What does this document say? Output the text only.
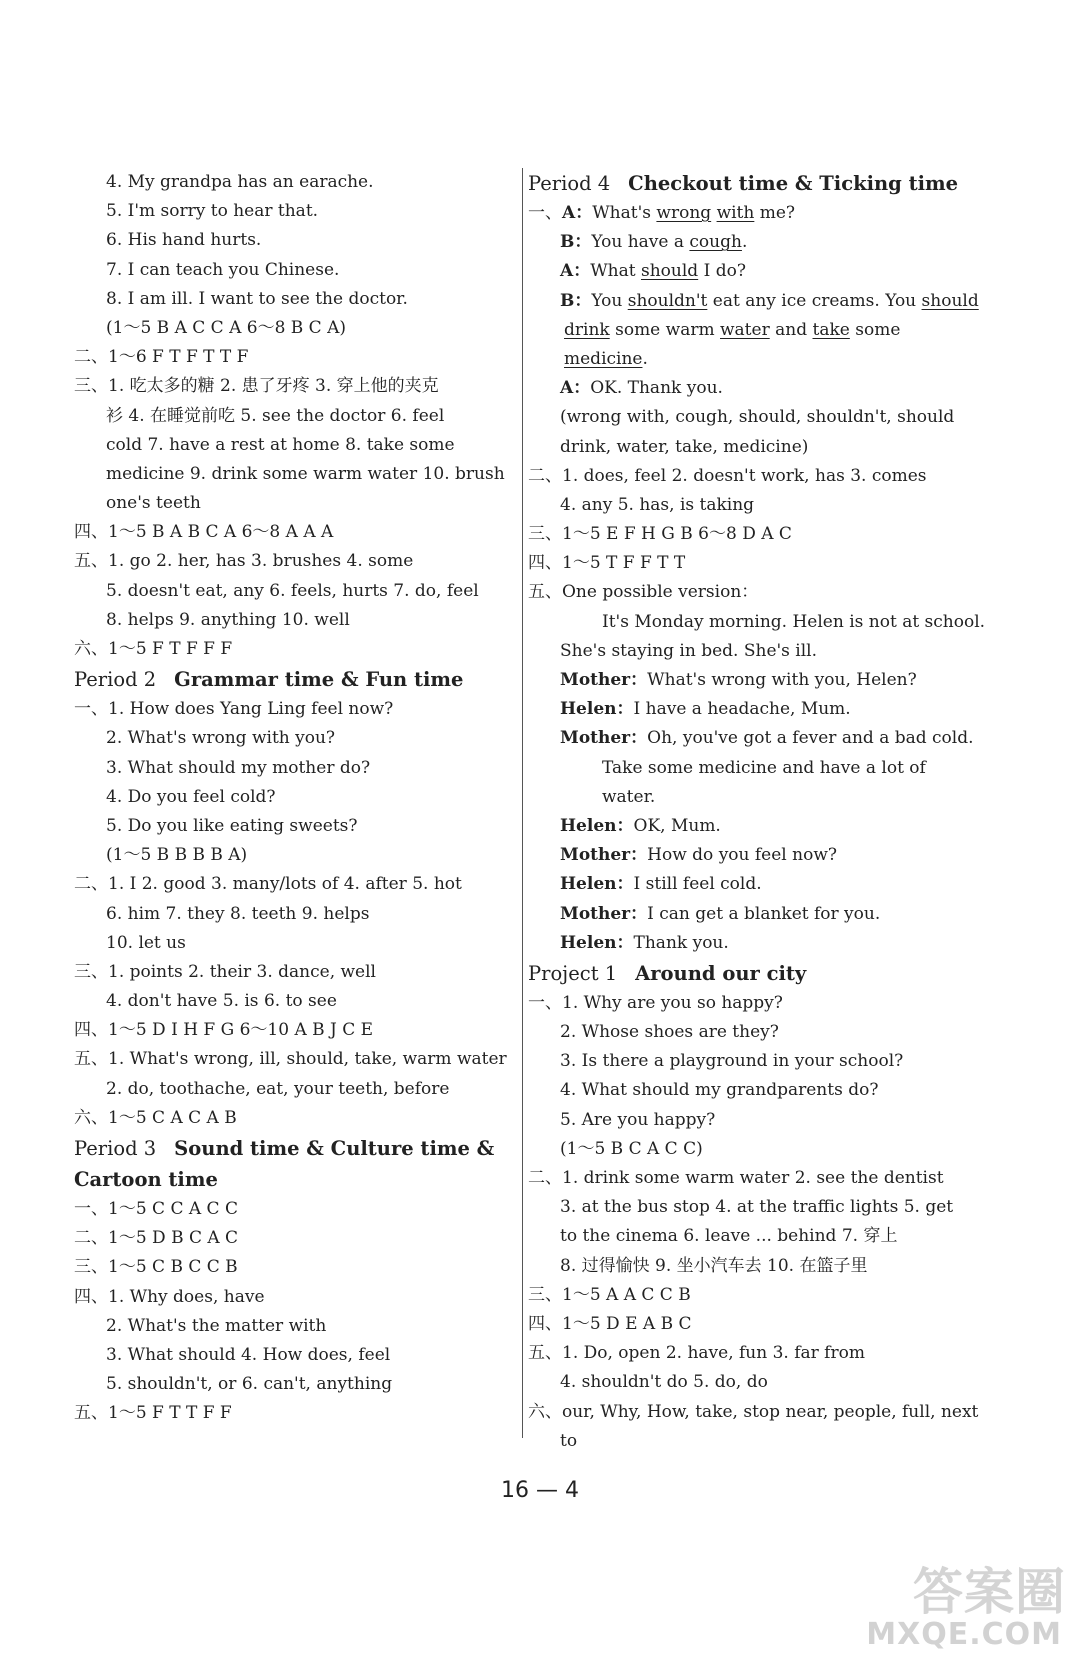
4. My grandpa has an earache.
5. I'm sorry to hear that.
6. His hand hurts.
7. I can teach you Chinese.
8. I am ill. I want to see the doctor.
(1～5 B A C C A 6～8 B C A)
二、1～6 F T F T T F
三、1. 吃太多的糖 2. 患了牙疼 3. 穿上他的夹克
衫 4. 在睡觉前吃 5. see the doctor 6. feel
cold 7. have a rest at home 8. take some
medicine 9. drink some warm water 10. brush
one's teeth
四、1～5 B A B C A 6～8 A A A
五、1. go 2. her, has 3. brushes 4. some
5. doesn't eat, any 6. feels, hurts 7. do, feel
8. helps 9. anything 10. well
六、1～5 F T F F F
Period 2 Grammar time & Fun time
一、1. How does Yang Ling feel now?
2. What's wrong with you?
3. What should my mother do?
4. Do you feel cold?
5. Do you like eating sweets?
(1～5 B B B B A)
二、1. I 2. good 3. many/lots of 4. after 5. hot
6. him 7. they 8. teeth 9. helps
10. let us
三、1. points 2. their 3. dance, well
4. don't have 5. is 6. to see
四、1～5 D I H F G 6～10 A B J C E
五、1. What's wrong, ill, should, take, warm water
2. do, toothache, eat, your teeth, before
六、1～5 C A C A B
Period 3 Sound time & Culture time &
Cartoon time
一、1～5 C C A C C
二、1～5 D B C A C
三、1～5 C B C C B
四、1. Why does, have
2. What's the matter with
3. What should 4. How does, feel
5. shouldn't, or 6. can't, anything
五、1～5 F T T F F
Period 4 Checkout time & Ticking time
一、A：What's wrong with me?
B：You have a cough.
A：What should I do?
B：You shouldn't eat any ice creams. You should
drink some warm water and take some
medicine.
A：OK. Thank you.
(wrong with, cough, should, shouldn't, should
drink, water, take, medicine)
二、1. does, feel 2. doesn't work, has 3. comes
4. any 5. has, is taking
三、1～5 E F H G B 6～8 D A C
四、1～5 T F F T T
五、One possible version：
It's Monday morning. Helen is not at school.
She's staying in bed. She's ill.
Mother：What's wrong with you, Helen?
Helen：I have a headache, Mum.
Mother：Oh, you've got a fever and a bad cold.
Take some medicine and have a lot of
water.
Helen：OK, Mum.
Mother：How do you feel now?
Helen：I still feel cold.
Mother：I can get a blanket for you.
Helen：Thank you.
Project 1 Around our city
一、1. Why are you so happy?
2. Whose shoes are they?
3. Is there a playground in your school?
4. What should my grandparents do?
5. Are you happy?
(1～5 B C A C C)
二、1. drink some warm water 2. see the dentist
3. at the bus stop 4. at the traffic lights 5. get
to the cinema 6. leave ... behind 7. 穿上
8. 过得愉快 9. 坐小汽车去 10. 在篮子里
三、1～5 A A C C B
四、1～5 D E A B C
五、1. Do, open 2. have, fun 3. far from
4. shouldn't do 5. do, do
六、our, Why, How, take, stop near, people, full, next
to
16 — 4
答案圈
MXQE.COM
